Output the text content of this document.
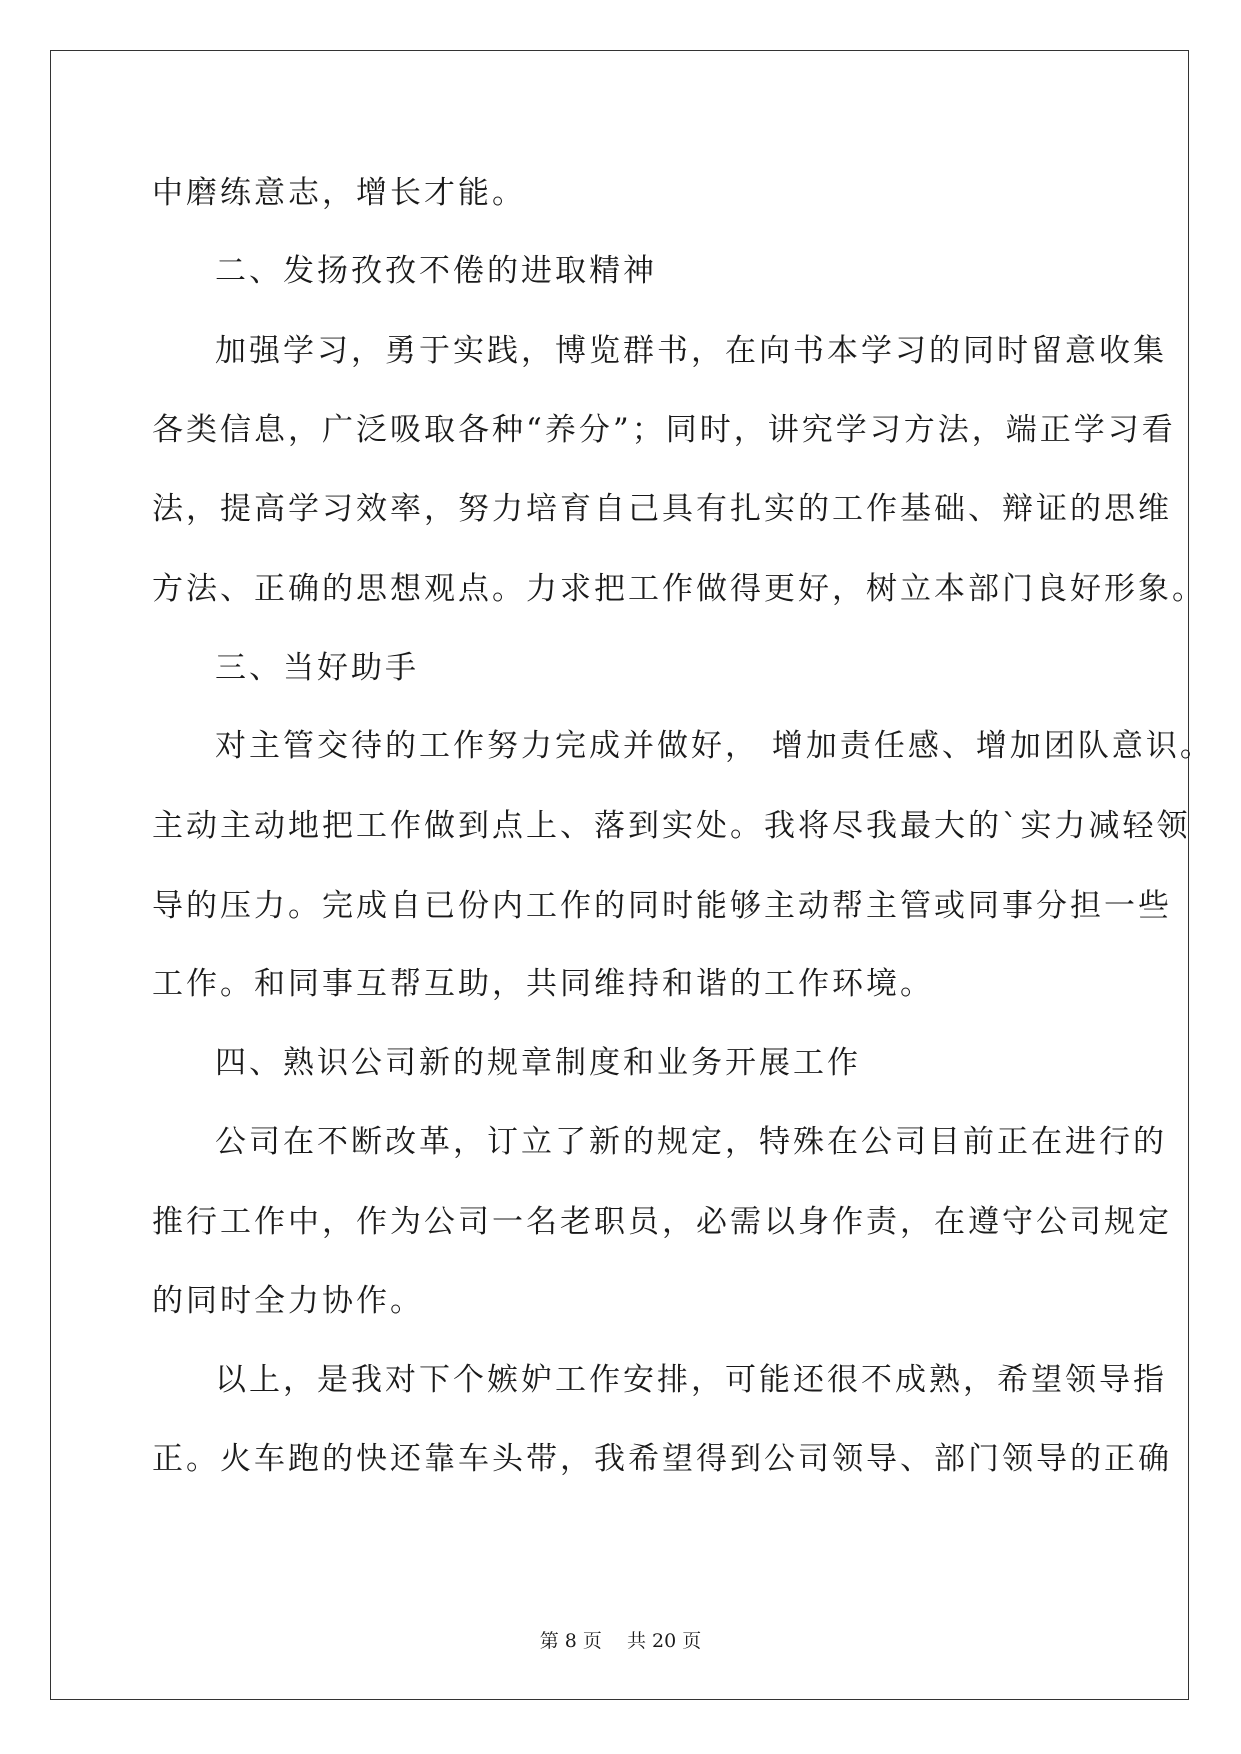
中磨练意志，增长才能。
二、发扬孜孜不倦的进取精神
加强学习，勇于实践，博览群书，在向书本学习的同时留意收集
各类信息，广泛吸取各种“养分”；同时，讲究学习方法，端正学习看
法，提高学习效率，努力培育自己具有扎实的工作基础、辩证的思维
方法、正确的思想观点。力求把工作做得更好，树立本部门良好形象。
三、当好助手
对主管交待的工作努力完成并做好， 增加责任感、增加团队意识。
主动主动地把工作做到点上、落到实处。我将尽我最大的`实力减轻领
导的压力。完成自已份内工作的同时能够主动帮主管或同事分担一些
工作。和同事互帮互助，共同维持和谐的工作环境。
四、熟识公司新的规章制度和业务开展工作
公司在不断改革，订立了新的规定，特殊在公司目前正在进行的
推行工作中，作为公司一名老职员，必需以身作责，在遵守公司规定
的同时全力协作。
以上，是我对下个嫉妒工作安排，可能还很不成熟，希望领导指
正。火车跑的快还靠车头带，我希望得到公司领导、部门领导的正确
第 8 页　 共 20 页
